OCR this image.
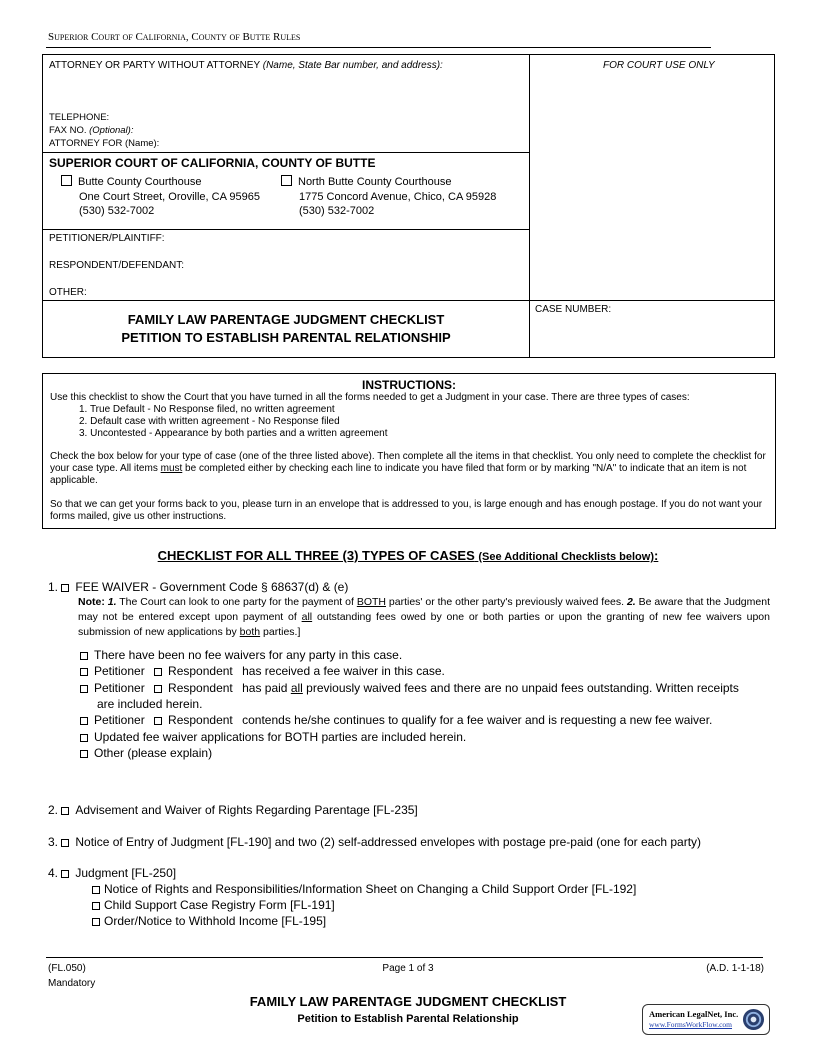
Superior Court of California, County of Butte Rules
ATTORNEY OR PARTY WITHOUT ATTORNEY (Name, State Bar number, and address):	FOR COURT USE ONLY
TELEPHONE:
FAX NO. (Optional):
ATTORNEY FOR (Name):
SUPERIOR COURT OF CALIFORNIA, COUNTY OF BUTTE
Butte County Courthouse
One Court Street, Oroville, CA 95965
(530) 532-7002
North Butte County Courthouse
1775 Concord Avenue, Chico, CA 95928
(530) 532-7002
PETITIONER/PLAINTIFF:
RESPONDENT/DEFENDANT:
OTHER:
CASE NUMBER:
FAMILY LAW PARENTAGE JUDGMENT CHECKLIST
PETITION TO ESTABLISH PARENTAL RELATIONSHIP
INSTRUCTIONS:
Use this checklist to show the Court that you have turned in all the forms needed to get a Judgment in your case. There are three types of cases:
1. True Default - No Response filed, no written agreement
2. Default case with written agreement - No Response filed
3. Uncontested - Appearance by both parties and a written agreement
Check the box below for your type of case (one of the three listed above). Then complete all the items in that checklist. You only need to complete the checklist for your case type. All items must be completed either by checking each line to indicate you have filed that form or by marking "N/A" to indicate that an item is not applicable.
So that we can get your forms back to you, please turn in an envelope that is addressed to you, is large enough and has enough postage. If you do not want your forms mailed, give us other instructions.
CHECKLIST FOR ALL THREE (3) TYPES OF CASES (See Additional Checklists below):
1. FEE WAIVER - Government Code § 68637(d) & (e)
Note: 1. The Court can look to one party for the payment of BOTH parties' or the other party's previously waived fees. 2. Be aware that the Judgment may not be entered except upon payment of all outstanding fees owed by one or both parties or upon the granting of new fee waivers upon submission of new applications by both parties.]
There have been no fee waivers for any party in this case.
Petitioner Respondent has received a fee waiver in this case.
Petitioner Respondent has paid all previously waived fees and there are no unpaid fees outstanding. Written receipts
are included herein.
Petitioner Respondent contends he/she continues to qualify for a fee waiver and is requesting a new fee waiver.
Updated fee waiver applications for BOTH parties are included herein.
Other (please explain)
2. Advisement and Waiver of Rights Regarding Parentage [FL-235]
3. Notice of Entry of Judgment [FL-190] and two (2) self-addressed envelopes with postage pre-paid (one for each party)
4. Judgment [FL-250]
Notice of Rights and Responsibilities/Information Sheet on Changing a Child Support Order [FL-192]
Child Support Case Registry Form [FL-191]
Order/Notice to Withhold Income [FL-195]
(FL.050)
Mandatory
Page 1 of 3	(A.D. 1-1-18)
FAMILY LAW PARENTAGE JUDGMENT CHECKLIST
Petition to Establish Parental Relationship	American LegalNet, Inc.
www.FormsWorkFlow.com
